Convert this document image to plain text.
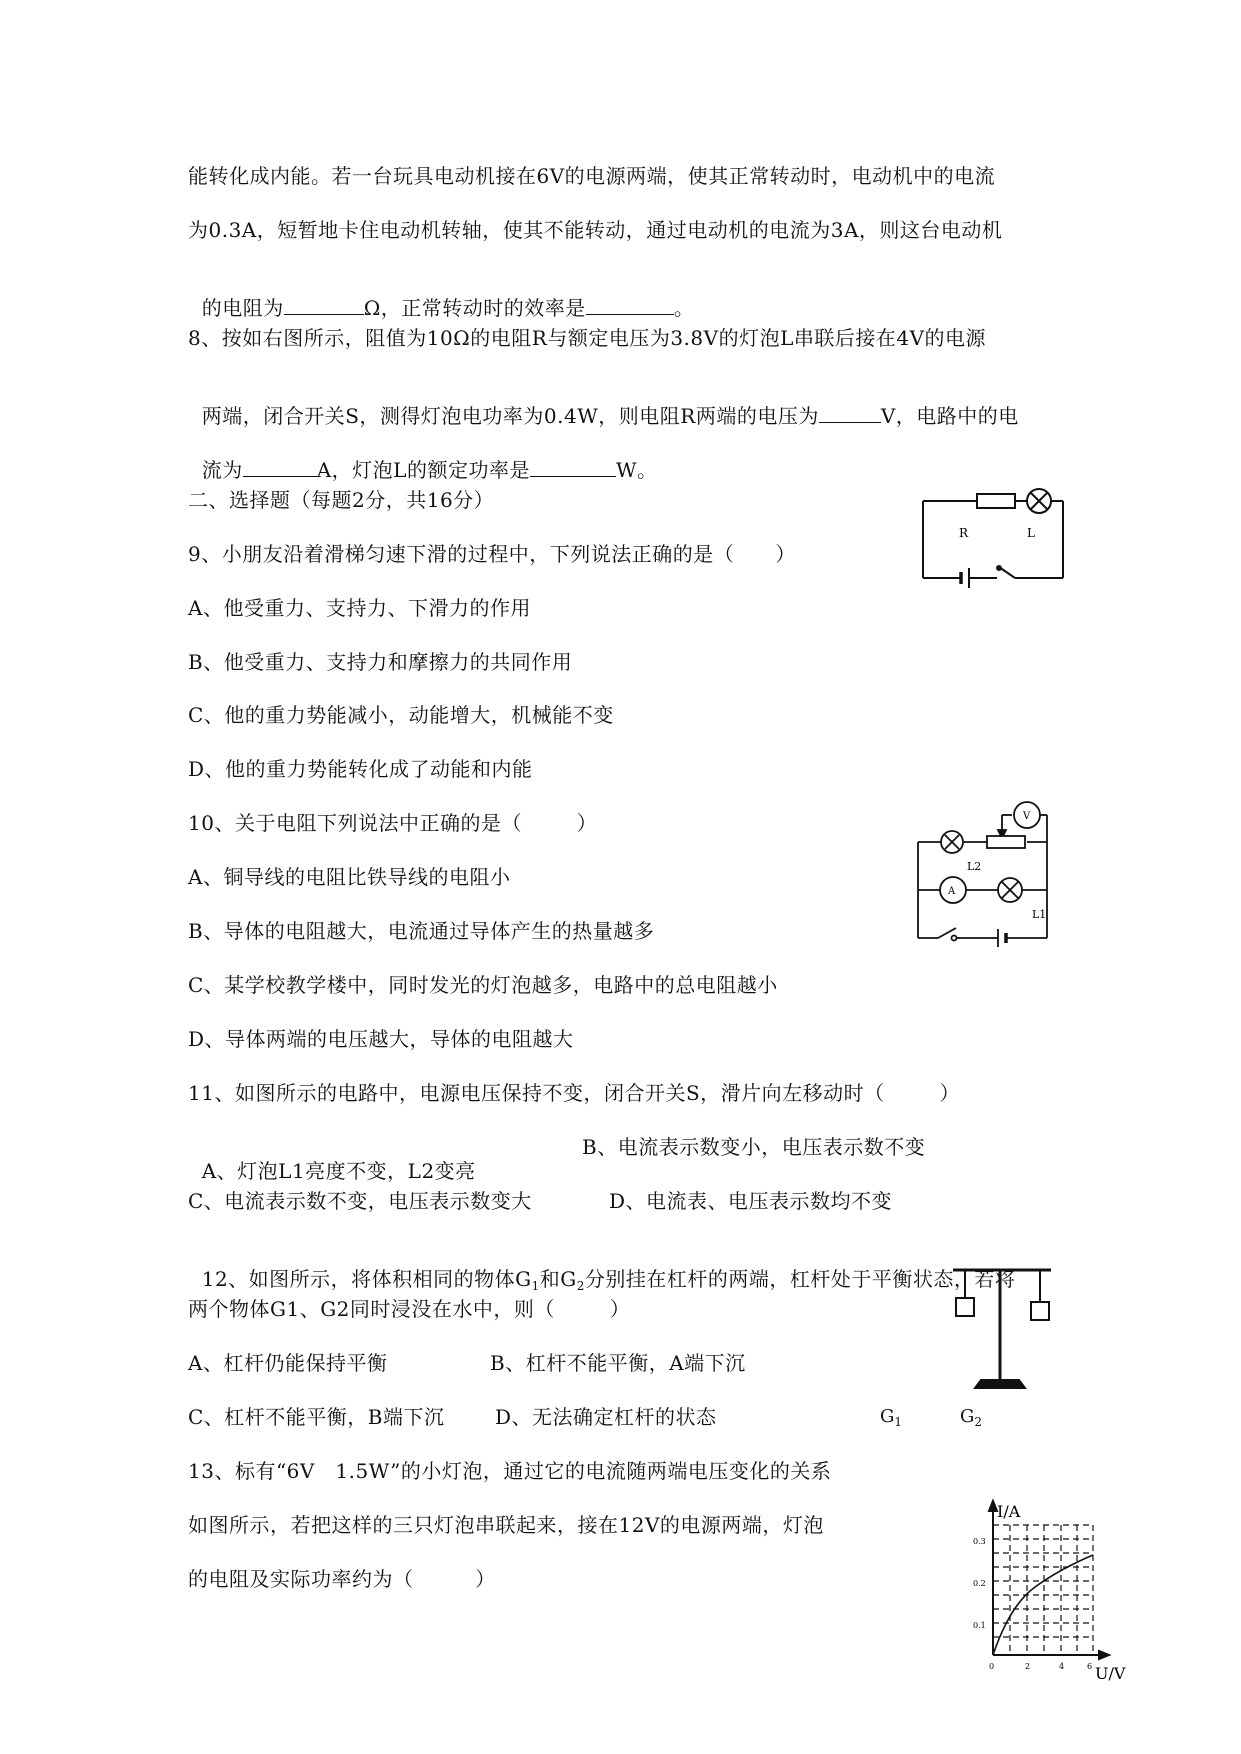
能转化成内能。若一台玩具电动机接在6V的电源两端，使其正常转动时，电动机中的电流
为0.3A，短暂地卡住电动机转轴，使其不能转动，通过电动机的电流为3A，则这台电动机

的电阻为	Ω，正常转动时的效率是	。

8、按如右图所示，阻值为10Ω的电阻R与额定电压为3.8V的灯泡L串联后接在4V的电源

两端，闭合开关S，测得灯泡电功率为0.4W，则电阻R两端的电压为	V，电路中的电

流为	A，灯泡L的额定功率是	W。

二、选择题（每题2分，共16分）
9、小朋友沿着滑梯匀速下滑的过程中，下列说法正确的是（      ）
A、他受重力、支持力、下滑力的作用
B、他受重力、支持力和摩擦力的共同作用
C、他的重力势能减小，动能增大，机械能不变
D、他的重力势能转化成了动能和内能
10、关于电阻下列说法中正确的是（        ）
A、铜导线的电阻比铁导线的电阻小
B、导体的电阻越大，电流通过导体产生的热量越多
C、某学校教学楼中，同时发光的灯泡越多，电路中的总电阻越小
D、导体两端的电压越大，导体的电阻越大
11、如图所示的电路中，电源电压保持不变，闭合开关S，滑片向左移动时（        ）

A、灯泡L1亮度不变，L2变亮

B、电流表示数变小，电压表示数不变
C、电流表示数不变，电压表示数变大	D、电流表、电压表示数均不变

12、如图所示，将体积相同的物体$G_1$和$G_2$分别挂在杠杆的两端，杠杆处于平衡状态，若将

两个物体G1、G2同时浸没在水中，则（        ）
A、杠杆仍能保持平衡	B、杠杆不能平衡，A端下沉
C、杠杆不能平衡，B端下沉	D、无法确定杠杆的状态
13、标有“6V   1.5W”的小灯泡，通过它的电流随两端电压变化的关系
如图所示，若把这样的三只灯泡串联起来，接在12V的电源两端，灯泡
的电阻及实际功率约为（         ）
R	L
L2
L1
A
V
$G_1$	$G_2$
I/A
U/V
0.3
0.2
0.1
0	2	4	6
